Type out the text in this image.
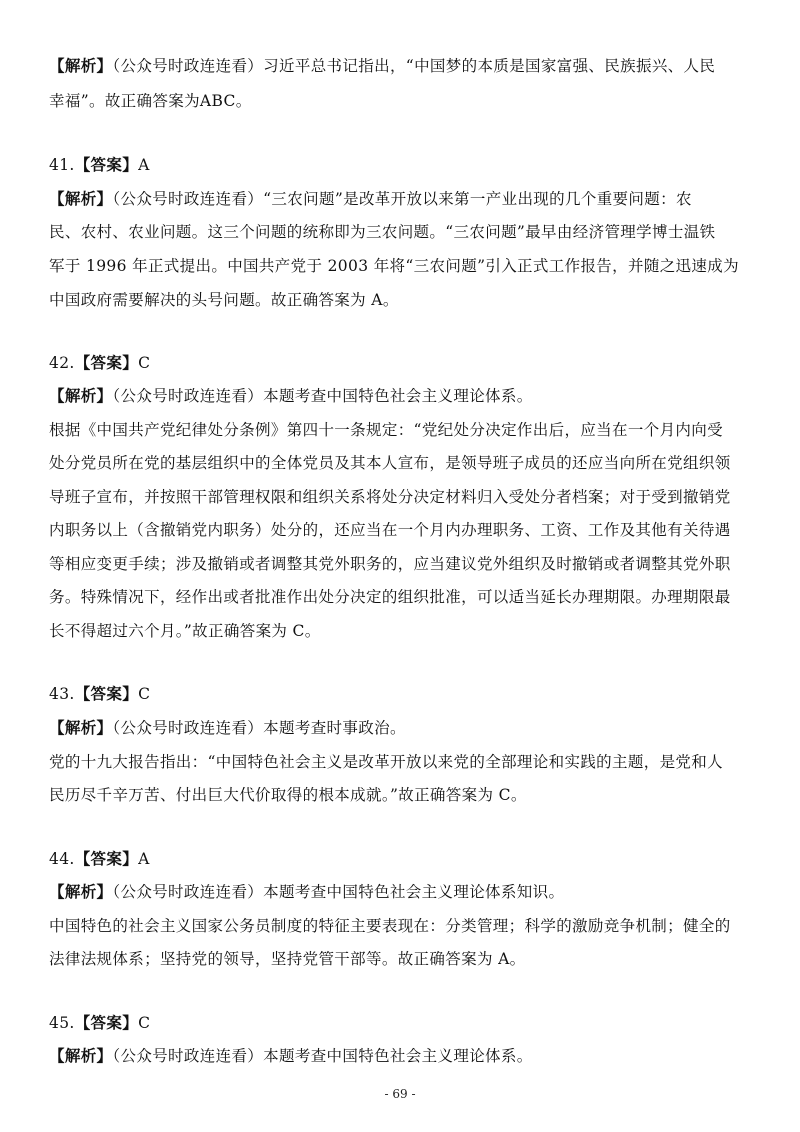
【解析】（公众号时政连连看）习近平总书记指出，“中国梦的本质是国家富强、民族振兴、人民
幸福”。故正确答案为ABC。
41.【答案】A
【解析】（公众号时政连连看）“三农问题”是改革开放以来第一产业出现的几个重要问题：农
民、农村、农业问题。这三个问题的统称即为三农问题。“三农问题”最早由经济管理学博士温铁
军于 1996 年正式提出。中国共产党于 2003 年将“三农问题”引入正式工作报告，并随之迅速成为
中国政府需要解决的头号问题。故正确答案为 A。
42.【答案】C
【解析】（公众号时政连连看）本题考查中国特色社会主义理论体系。
根据《中国共产党纪律处分条例》第四十一条规定：“党纪处分决定作出后，应当在一个月内向受
处分党员所在党的基层组织中的全体党员及其本人宣布，是领导班子成员的还应当向所在党组织领
导班子宣布，并按照干部管理权限和组织关系将处分决定材料归入受处分者档案；对于受到撤销党
内职务以上（含撤销党内职务）处分的，还应当在一个月内办理职务、工资、工作及其他有关待遇
等相应变更手续；涉及撤销或者调整其党外职务的，应当建议党外组织及时撤销或者调整其党外职
务。特殊情况下，经作出或者批准作出处分决定的组织批准，可以适当延长办理期限。办理期限最
长不得超过六个月。”故正确答案为 C。
43.【答案】C
【解析】（公众号时政连连看）本题考查时事政治。
党的十九大报告指出：“中国特色社会主义是改革开放以来党的全部理论和实践的主题，是党和人
民历尽千辛万苦、付出巨大代价取得的根本成就。”故正确答案为 C。
44.【答案】A
【解析】（公众号时政连连看）本题考查中国特色社会主义理论体系知识。
中国特色的社会主义国家公务员制度的特征主要表现在：分类管理；科学的激励竞争机制；健全的
法律法规体系；坚持党的领导，坚持党管干部等。故正确答案为 A。
45.【答案】C
【解析】（公众号时政连连看）本题考查中国特色社会主义理论体系。
- 69 -
